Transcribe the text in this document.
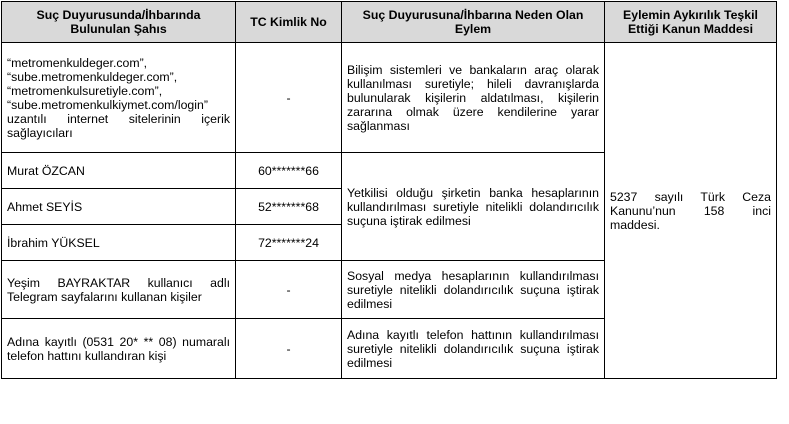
Suç Duyurusunda/İhbarında Bulunulan Şahıs	TC Kimlik No	Suç Duyurusuna/İhbarına Neden Olan Eylem	Eylemin Aykırılık Teşkil Ettiği Kanun Maddesi
“metromenkuldeger.com”, “sube.metromenkuldeger.com”, “metromenkulsuretiyle.com”, “sube.metromenkulkiymet.com/login” uzantılı internet sitelerinin içerik sağlayıcıları	-	Bilişim sistemleri ve bankaların araç olarak kullanılması suretiyle; hileli davranışlarda bulunularak kişilerin aldatılması, kişilerin zararına olmak üzere kendilerine yarar sağlanması	5237 sayılı Türk Ceza Kanunu’nun 158 inci maddesi.
Murat ÖZCAN	60*******66	Yetkilisi olduğu şirketin banka hesaplarının kullandırılması suretiyle nitelikli dolandırıcılık suçuna iştirak edilmesi	
Ahmet SEYİS	52*******68		
İbrahim YÜKSEL	72*******24		
Yeşim BAYRAKTAR kullanıcı adlı Telegram sayfalarını kullanan kişiler	-	Sosyal medya hesaplarının kullandırılması suretiyle nitelikli dolandırıcılık suçuna iştirak edilmesi	
Adına kayıtlı (0531 20* ** 08) numaralı telefon hattını kullandıran kişi	-	Adına kayıtlı telefon hattının kullandırılması suretiyle nitelikli dolandırıcılık suçuna iştirak edilmesi	
